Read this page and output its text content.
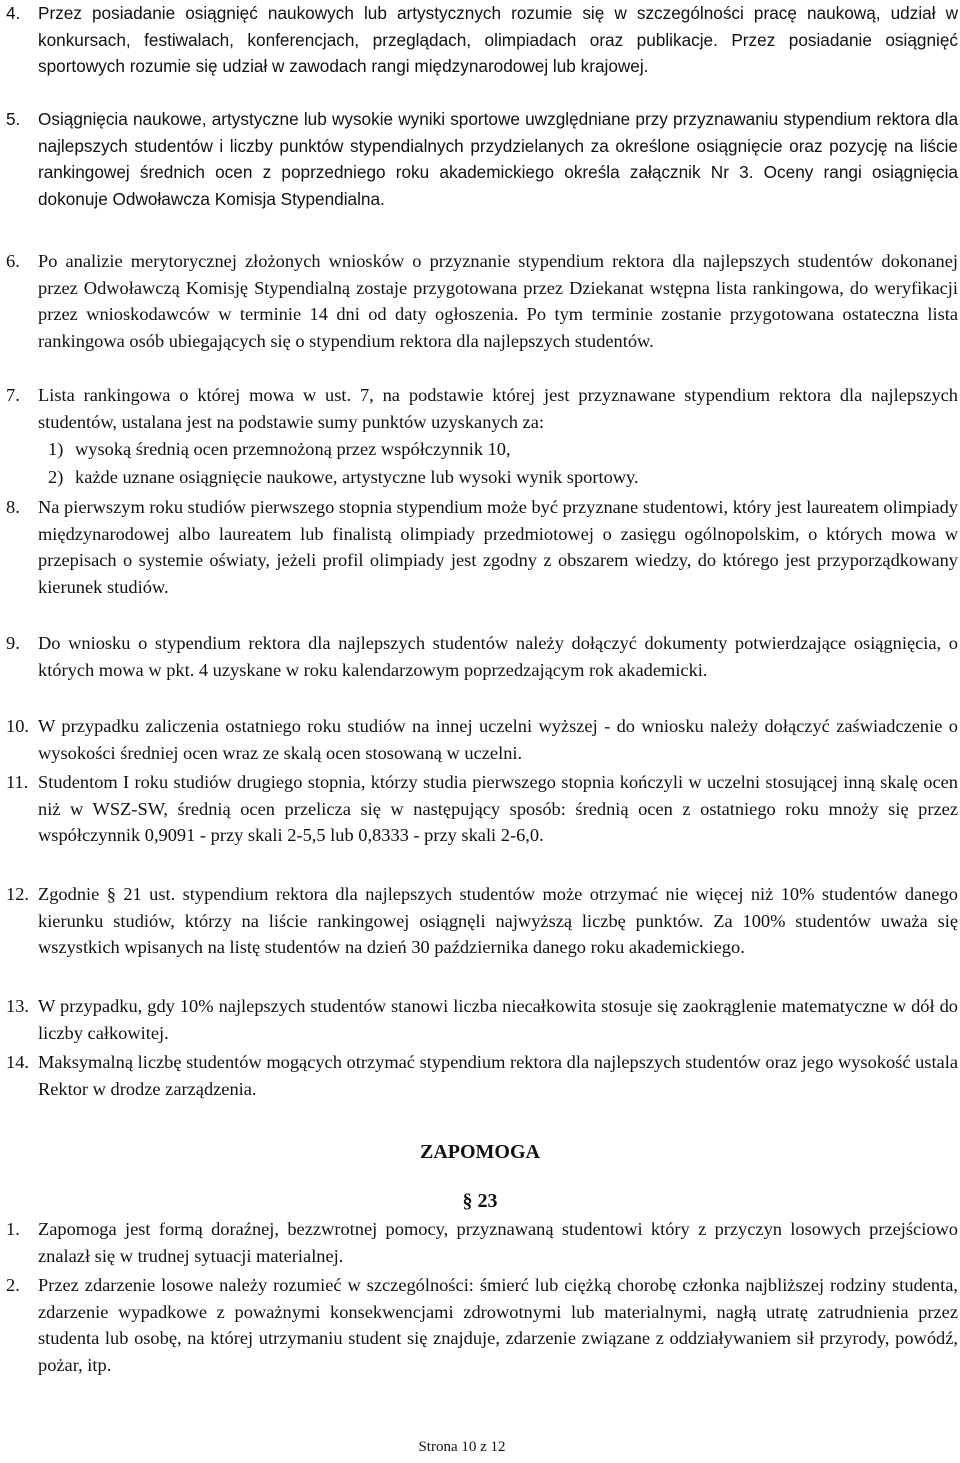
4. Przez posiadanie osiągnięć naukowych lub artystycznych rozumie się w szczególności pracę naukową, udział w konkursach, festiwalach, konferencjach, przeglądach, olimpiadach oraz publikacje. Przez posiadanie osiągnięć sportowych rozumie się udział w zawodach rangi międzynarodowej lub krajowej.
5. Osiągnięcia naukowe, artystyczne lub wysokie wyniki sportowe uwzględniane przy przyznawaniu stypendium rektora dla najlepszych studentów i liczby punktów stypendialnych przydzielanych za określone osiągnięcie oraz pozycję na liście rankingowej średnich ocen z poprzedniego roku akademickiego określa załącznik Nr 3. Oceny rangi osiągnięcia dokonuje Odwoławcza Komisja Stypendialna.
6. Po analizie merytorycznej złożonych wniosków o przyznanie stypendium rektora dla najlepszych studentów dokonanej przez Odwoławczą Komisję Stypendialną zostaje przygotowana przez Dziekanat wstępna lista rankingowa, do weryfikacji przez wnioskodawców w terminie 14 dni od daty ogłoszenia. Po tym terminie zostanie przygotowana ostateczna lista rankingowa osób ubiegających się o stypendium rektora dla najlepszych studentów.
7. Lista rankingowa o której mowa w ust. 7, na podstawie której jest przyznawane stypendium rektora dla najlepszych studentów, ustalana jest na podstawie sumy punktów uzyskanych za:
1) wysoką średnią ocen przemnożoną przez współczynnik 10,
2) każde uznane osiągnięcie naukowe, artystyczne lub wysoki wynik sportowy.
8. Na pierwszym roku studiów pierwszego stopnia stypendium może być przyznane studentowi, który jest laureatem olimpiady międzynarodowej albo laureatem lub finalistą olimpiady przedmiotowej o zasięgu ogólnopolskim, o których mowa w przepisach o systemie oświaty, jeżeli profil olimpiady jest zgodny z obszarem wiedzy, do którego jest przyporządkowany kierunek studiów.
9. Do wniosku o stypendium rektora dla najlepszych studentów należy dołączyć dokumenty potwierdzające osiągnięcia, o których mowa w pkt. 4 uzyskane w roku kalendarzowym poprzedzającym rok akademicki.
10. W przypadku zaliczenia ostatniego roku studiów na innej uczelni wyższej - do wniosku należy dołączyć zaświadczenie o wysokości średniej ocen wraz ze skalą ocen stosowaną w uczelni.
11. Studentom I roku studiów drugiego stopnia, którzy studia pierwszego stopnia kończyli w uczelni stosującej inną skalę ocen niż w WSZ-SW, średnią ocen przelicza się w następujący sposób: średnią ocen z ostatniego roku mnoży się przez współczynnik 0,9091 - przy skali 2-5,5 lub 0,8333 - przy skali 2-6,0.
12. Zgodnie § 21 ust. stypendium rektora dla najlepszych studentów może otrzymać nie więcej niż 10% studentów danego kierunku studiów, którzy na liście rankingowej osiągnęli najwyższą liczbę punktów. Za 100% studentów uważa się wszystkich wpisanych na listę studentów na dzień 30 października danego roku akademickiego.
13. W przypadku, gdy 10% najlepszych studentów stanowi liczba niecałkowita stosuje się zaokrąglenie matematyczne w dół do liczby całkowitej.
14. Maksymalną liczbę studentów mogących otrzymać stypendium rektora dla najlepszych studentów oraz jego wysokość ustala Rektor w drodze zarządzenia.
ZAPOMOGA
§ 23
1. Zapomoga jest formą doraźnej, bezzwrotnej pomocy, przyznawaną studentowi który z przyczyn losowych przejściowo znalazł się w trudnej sytuacji materialnej.
2. Przez zdarzenie losowe należy rozumieć w szczególności: śmierć lub ciężką chorobę członka najbliższej rodziny studenta, zdarzenie wypadkowe z poważnymi konsekwencjami zdrowotnymi lub materialnymi, nagłą utratę zatrudnienia przez studenta lub osobę, na której utrzymaniu student się znajduje, zdarzenie związane z oddziaływaniem sił przyrody, powódź, pożar, itp.
Strona 10 z 12
